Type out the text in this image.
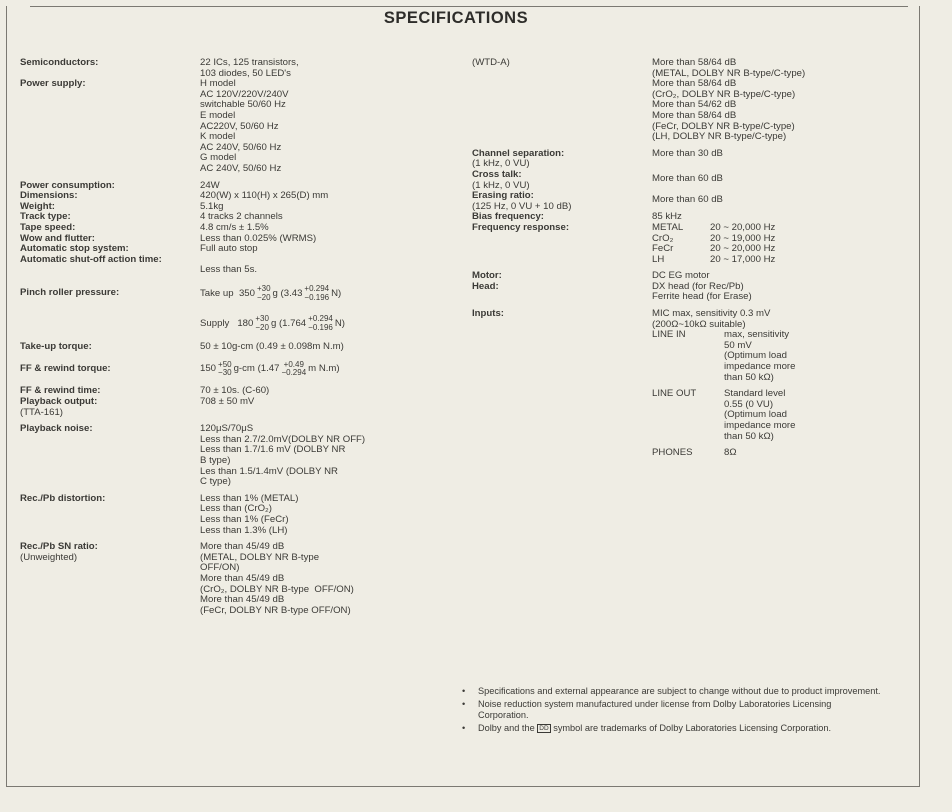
SPECIFICATIONS
Semiconductors:	22 ICs, 125 transistors,
103 diodes, 50 LED's
Power supply:	H model
AC 120V/220V/240V
switchable 50/60 Hz
E model
AC220V, 50/60 Hz
K model
AC 240V, 50/60 Hz
G model
AC 240V, 50/60 Hz
Power consumption:	24W
Dimensions:	420(W) x 110(H) x 265(D) mm
Weight:	5.1kg
Track type:	4 tracks 2 channels
Tape speed:	4.8 cm/s ± 1.5%
Wow and flutter:	Less than 0.025% (WRMS)
Automatic stop system:	Full auto stop
Automatic shut-off action time:
Less than 5s.
Pinch roller pressure:	Take up
350 +30
−20 g (3.43 +0.294
−0.196 N)
Supply
180 +30
−20 g (1.764 +0.294
−0.196 N)
Take-up torque:	50 ± 10g-cm (0.49 ± 0.098m N.m)
FF & rewind torque:	150 +50
−30 g-cm (1.47 +0.49
−0.294 m N.m)
FF & rewind time:	70 ± 10s. (C-60)
Playback output:
(TTA-161)
708 ± 50 mV
Playback noise:	120μS/70μS
Less than 2.7/2.0mV(DOLBY NR OFF)
Less than 1.7/1.6 mV (DOLBY NR
B type)
Les than 1.5/1.4mV (DOLBY NR
C type)
Rec./Pb distortion:	Less than 1% (METAL)
Less than (CrO₂)
Less than 1% (FeCr)
Less than 1.3% (LH)
Rec./Pb SN ratio:
(Unweighted)
More than 45/49 dB
(METAL, DOLBY NR B-type
OFF/ON)
More than 45/49 dB
(CrO₂, DOLBY NR B-type  OFF/ON)
More than 45/49 dB
(FeCr, DOLBY NR B-type OFF/ON)
(WTD-A)	More than 58/64 dB
(METAL, DOLBY NR B-type/C-type)
More than 58/64 dB
(CrO₂, DOLBY NR B-type/C-type)
More than 54/62 dB
More than 58/64 dB
(FeCr, DOLBY NR B-type/C-type)
(LH, DOLBY NR B-type/C-type)
Channel separation:
(1 kHz, 0 VU)
More than 30 dB
Cross talk:
(1 kHz, 0 VU)
More than 60 dB
Erasing ratio:
(125 Hz, 0 VU + 10 dB)
More than 60 dB
Bias frequency:	85 kHz
Frequency response:	METAL	20 ~ 20,000 Hz
CrO₂	20 ~ 19,000 Hz
FeCr	20 ~ 20,000 Hz
LH	20 ~ 17,000 Hz
Motor:	DC EG motor
Head:	DX head (for Rec/Pb)
Ferrite head (for Erase)
Inputs:	MIC max, sensitivity 0.3 mV
(200Ω~10kΩ suitable)
LINE IN	max, sensitivity
50 mV
(Optimum load
impedance more
than 50 kΩ)
LINE OUT	Standard level
0.55 (0 VU)
(Optimum load
impedance more
than 50 kΩ)
PHONES	8Ω
•	Specifications and external appearance are subject to change without due to product improvement.
•	Noise reduction system manufactured under license from Dolby Laboratories Licensing Corporation.
•	Dolby and the DD symbol are trademarks of Dolby Laboratories Licensing Corporation.
